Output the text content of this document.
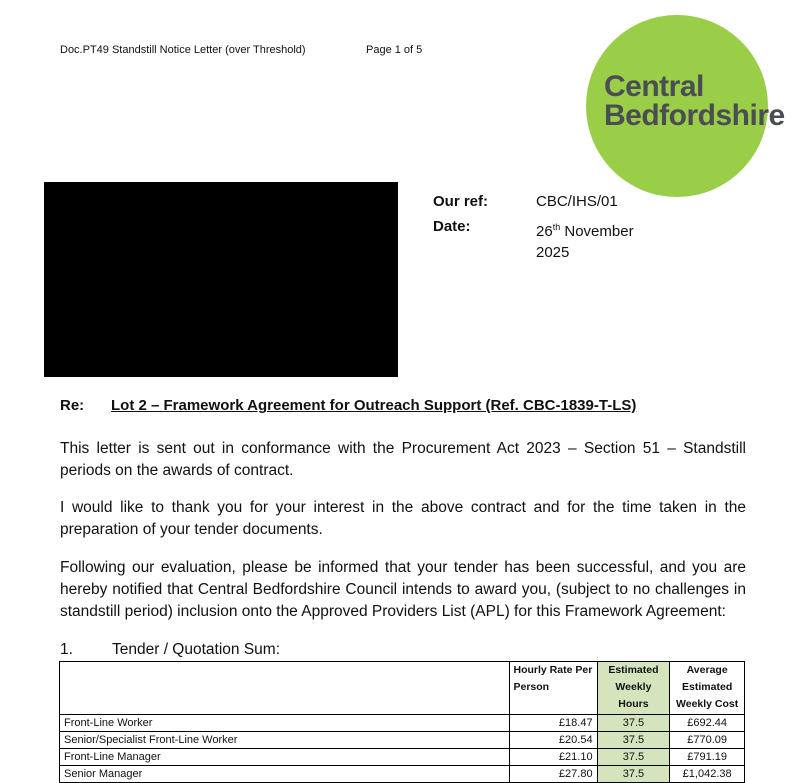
Doc.PT49 Standstill Notice Letter (over Threshold)	Page 1 of 5
Central
Bedfordshire
Our ref:	CBC/IHS/01
Date:	26th November
2025
Re: Lot 2 – Framework Agreement for Outreach Support (Ref. CBC-1839-T-LS)
This letter is sent out in conformance with the Procurement Act 2023 – Section 51 – Standstill periods on the awards of contract.
I would like to thank you for your interest in the above contract and for the time taken in the preparation of your tender documents.
Following our evaluation, please be informed that your tender has been successful, and you are hereby notified that Central Bedfordshire Council intends to award you, (subject to no challenges in standstill period) inclusion onto the Approved Providers List (APL) for this Framework Agreement:
1.	Tender / Quotation Sum:
	Hourly Rate Per Person	Estimated Weekly Hours	Average Estimated Weekly Cost
Front-Line Worker	£18.47	37.5	£692.44
Senior/Specialist Front-Line Worker	£20.54	37.5	£770.09
Front-Line Manager	£21.10	37.5	£791.19
Senior Manager	£27.80	37.5	£1,042.38
